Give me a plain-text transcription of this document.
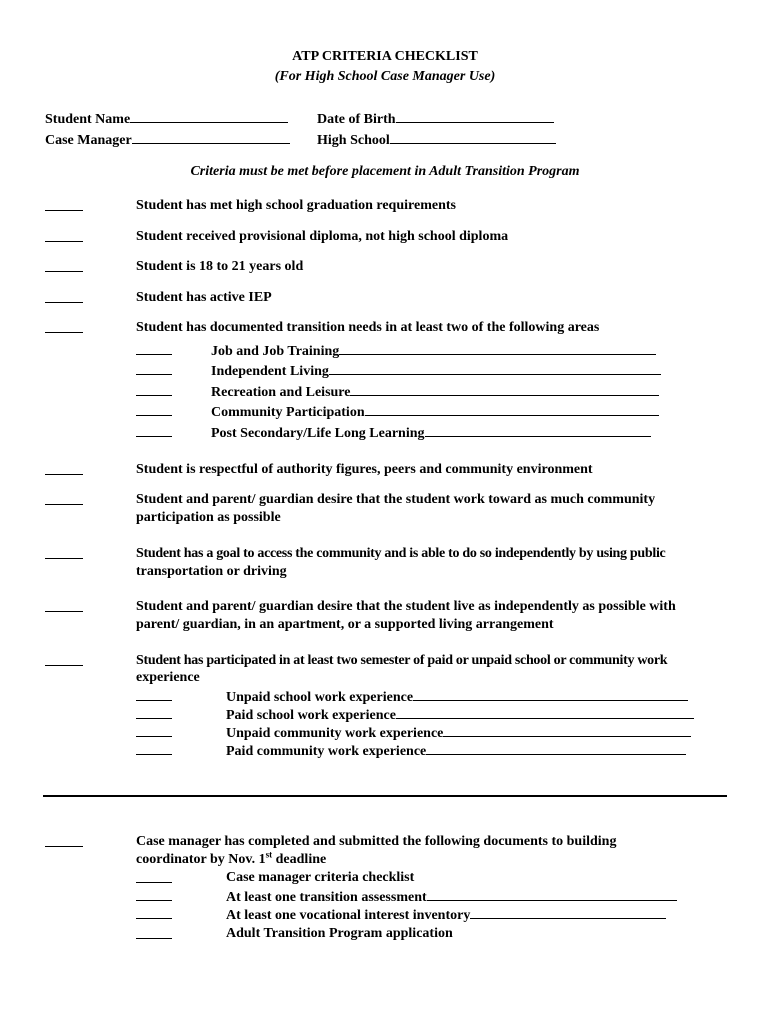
ATP CRITERIA CHECKLIST
(For High School Case Manager Use)
Student Name	Date of Birth
Case Manager	High School
Criteria must be met before placement in Adult Transition Program
Student has met high school graduation requirements
Student received provisional diploma, not high school diploma
Student is 18 to 21 years old
Student has active IEP
Student has documented transition needs in at least two of the following areas
Job and Job Training
Independent Living
Recreation and Leisure
Community Participation
Post Secondary/Life Long Learning
Student is respectful of authority figures, peers and community environment
Student and parent/ guardian desire that the student work toward as much community
participation as possible
Student has a goal to access the community and is able to do so independently by using public
transportation or driving
Student and parent/ guardian desire that the student live as independently as possible with
parent/ guardian, in an apartment, or a supported living arrangement
Student has participated in at least two semester of paid or unpaid school or community work
experience
Unpaid school work experience
Paid school work experience
Unpaid community work experience
Paid community work experience
Case manager has completed and submitted the following documents to building
coordinator by Nov. 1st deadline
Case manager criteria checklist
At least one transition assessment
At least one vocational interest inventory
Adult Transition Program application
